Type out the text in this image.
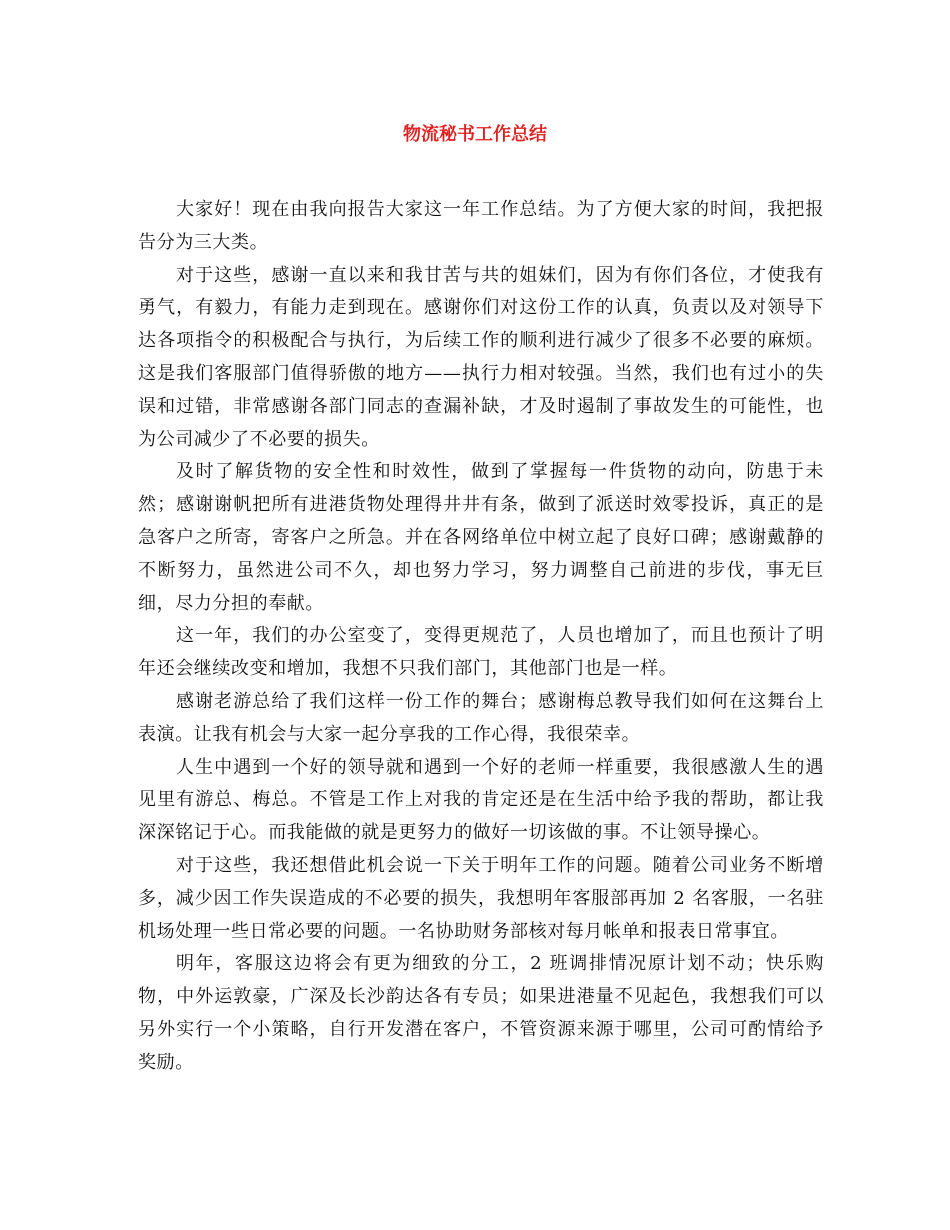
物流秘书工作总结

大家好！现在由我向报告大家这一年工作总结。为了方便大家的时间，我把报告分为三大类。

对于这些，感谢一直以来和我甘苦与共的姐妹们，因为有你们各位，才使我有勇气，有毅力，有能力走到现在。感谢你们对这份工作的认真，负责以及对领导下达各项指令的积极配合与执行，为后续工作的顺利进行减少了很多不必要的麻烦。这是我们客服部门值得骄傲的地方——执行力相对较强。当然，我们也有过小的失误和过错，非常感谢各部门同志的查漏补缺，才及时遏制了事故发生的可能性，也为公司减少了不必要的损失。

及时了解货物的安全性和时效性，做到了掌握每一件货物的动向，防患于未然；感谢谢帆把所有进港货物处理得井井有条，做到了派送时效零投诉，真正的是急客户之所寄，寄客户之所急。并在各网络单位中树立起了良好口碑；感谢戴静的不断努力，虽然进公司不久，却也努力学习，努力调整自己前进的步伐，事无巨细，尽力分担的奉献。

这一年，我们的办公室变了，变得更规范了，人员也增加了，而且也预计了明年还会继续改变和增加，我想不只我们部门，其他部门也是一样。

感谢老游总给了我们这样一份工作的舞台；感谢梅总教导我们如何在这舞台上表演。让我有机会与大家一起分享我的工作心得，我很荣幸。

人生中遇到一个好的领导就和遇到一个好的老师一样重要，我很感激人生的遇见里有游总、梅总。不管是工作上对我的肯定还是在生活中给予我的帮助，都让我深深铭记于心。而我能做的就是更努力的做好一切该做的事。不让领导操心。

对于这些，我还想借此机会说一下关于明年工作的问题。随着公司业务不断增多，减少因工作失误造成的不必要的损失，我想明年客服部再加 2 名客服，一名驻机场处理一些日常必要的问题。一名协助财务部核对每月帐单和报表日常事宜。

明年，客服这边将会有更为细致的分工，2 班调排情况原计划不动；快乐购物，中外运敦豪，广深及长沙韵达各有专员；如果进港量不见起色，我想我们可以另外实行一个小策略，自行开发潜在客户，不管资源来源于哪里，公司可酌情给予奖励。
